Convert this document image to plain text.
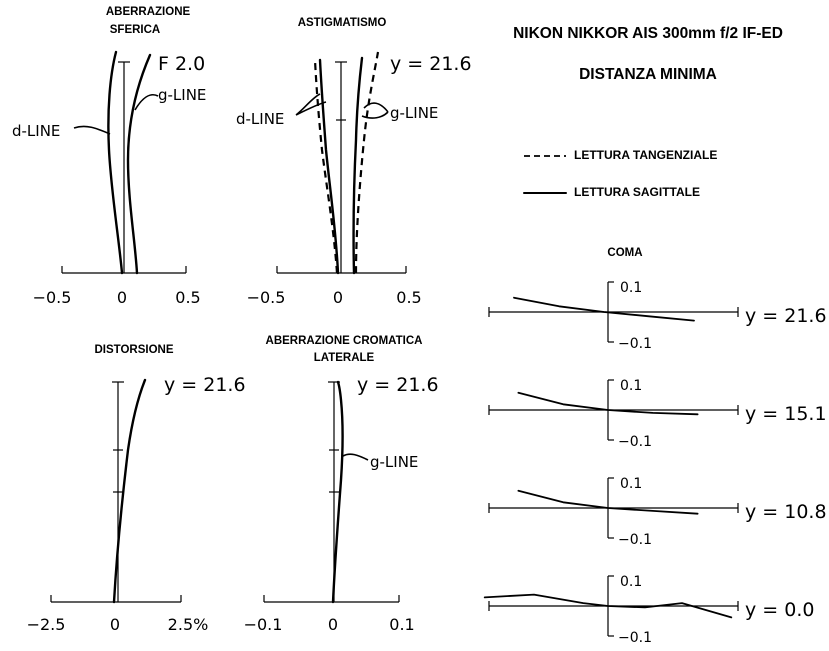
NIKON NIKKOR AIS 300mm f/2 IF-ED
DISTANZA MINIMA
LETTURA TANGENZIALE
LETTURA SAGITTALE
ABERRAZIONE
SFERICA
d-LINE
g-LINE
F 2.0
−0.5	0	0.5
ASTIGMATISMO
d-LINE	g-LINE
y = 21.6
−0.5	0	0.5
DISTORSIONE
y = 21.6
−2.5	0	2.5%
ABERRAZIONE CROMATICA
LATERALE
g-LINE
y = 21.6
−0.1	0	0.1
COMA
0.1
−0.1
y = 21.6
0.1
−0.1
y = 15.1
0.1
−0.1
y = 10.8
0.1
−0.1
y = 0.0
